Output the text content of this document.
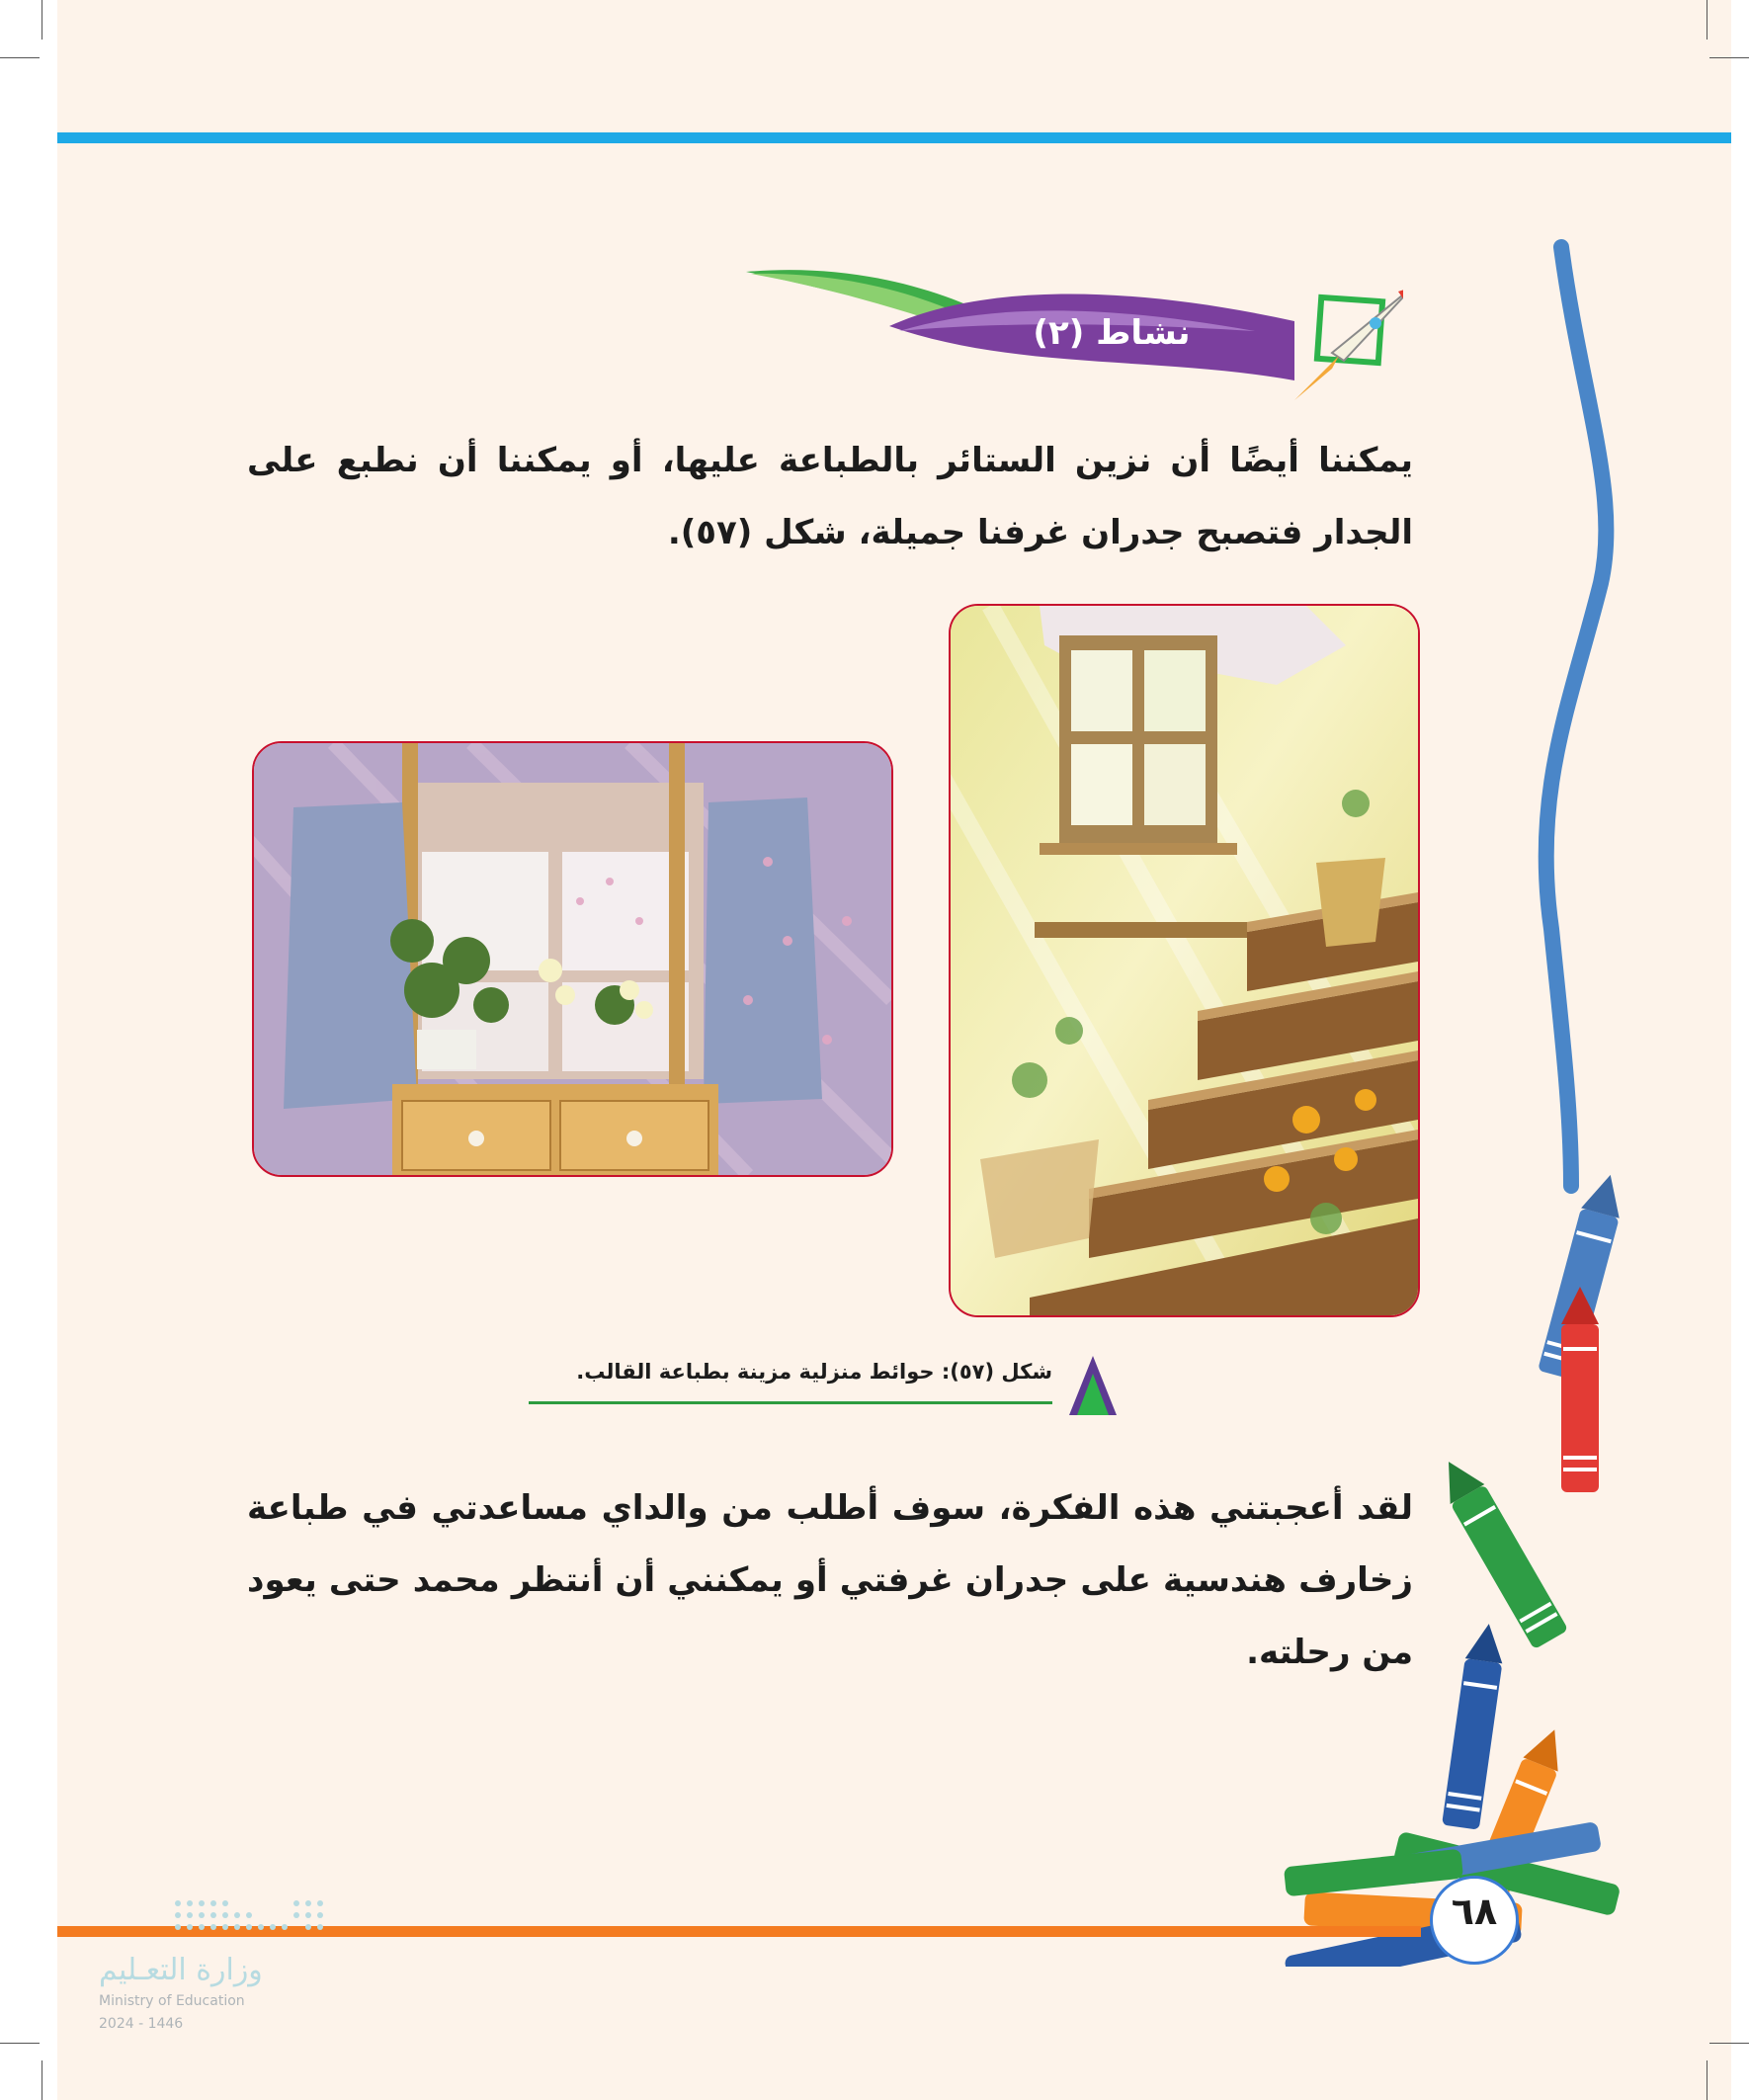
نشاط (٢)
يمكننا أيضًا أن نزين الستائر بالطباعة عليها، أو يمكننا أن نطبع على الجدار فتصبح جدران غرفنا جميلة، شكل (٥٧).
شكل (٥٧): حوائط منزلية مزينة بطباعة القالب.
لقد أعجبتني هذه الفكرة، سوف أطلب من والداي مساعدتي في طباعة زخارف هندسية على جدران غرفتي أو يمكنني أن أنتظر محمد حتى يعود من رحلته.
٦٨
وزارة التعـليم
Ministry of Education
2024 - 1446
